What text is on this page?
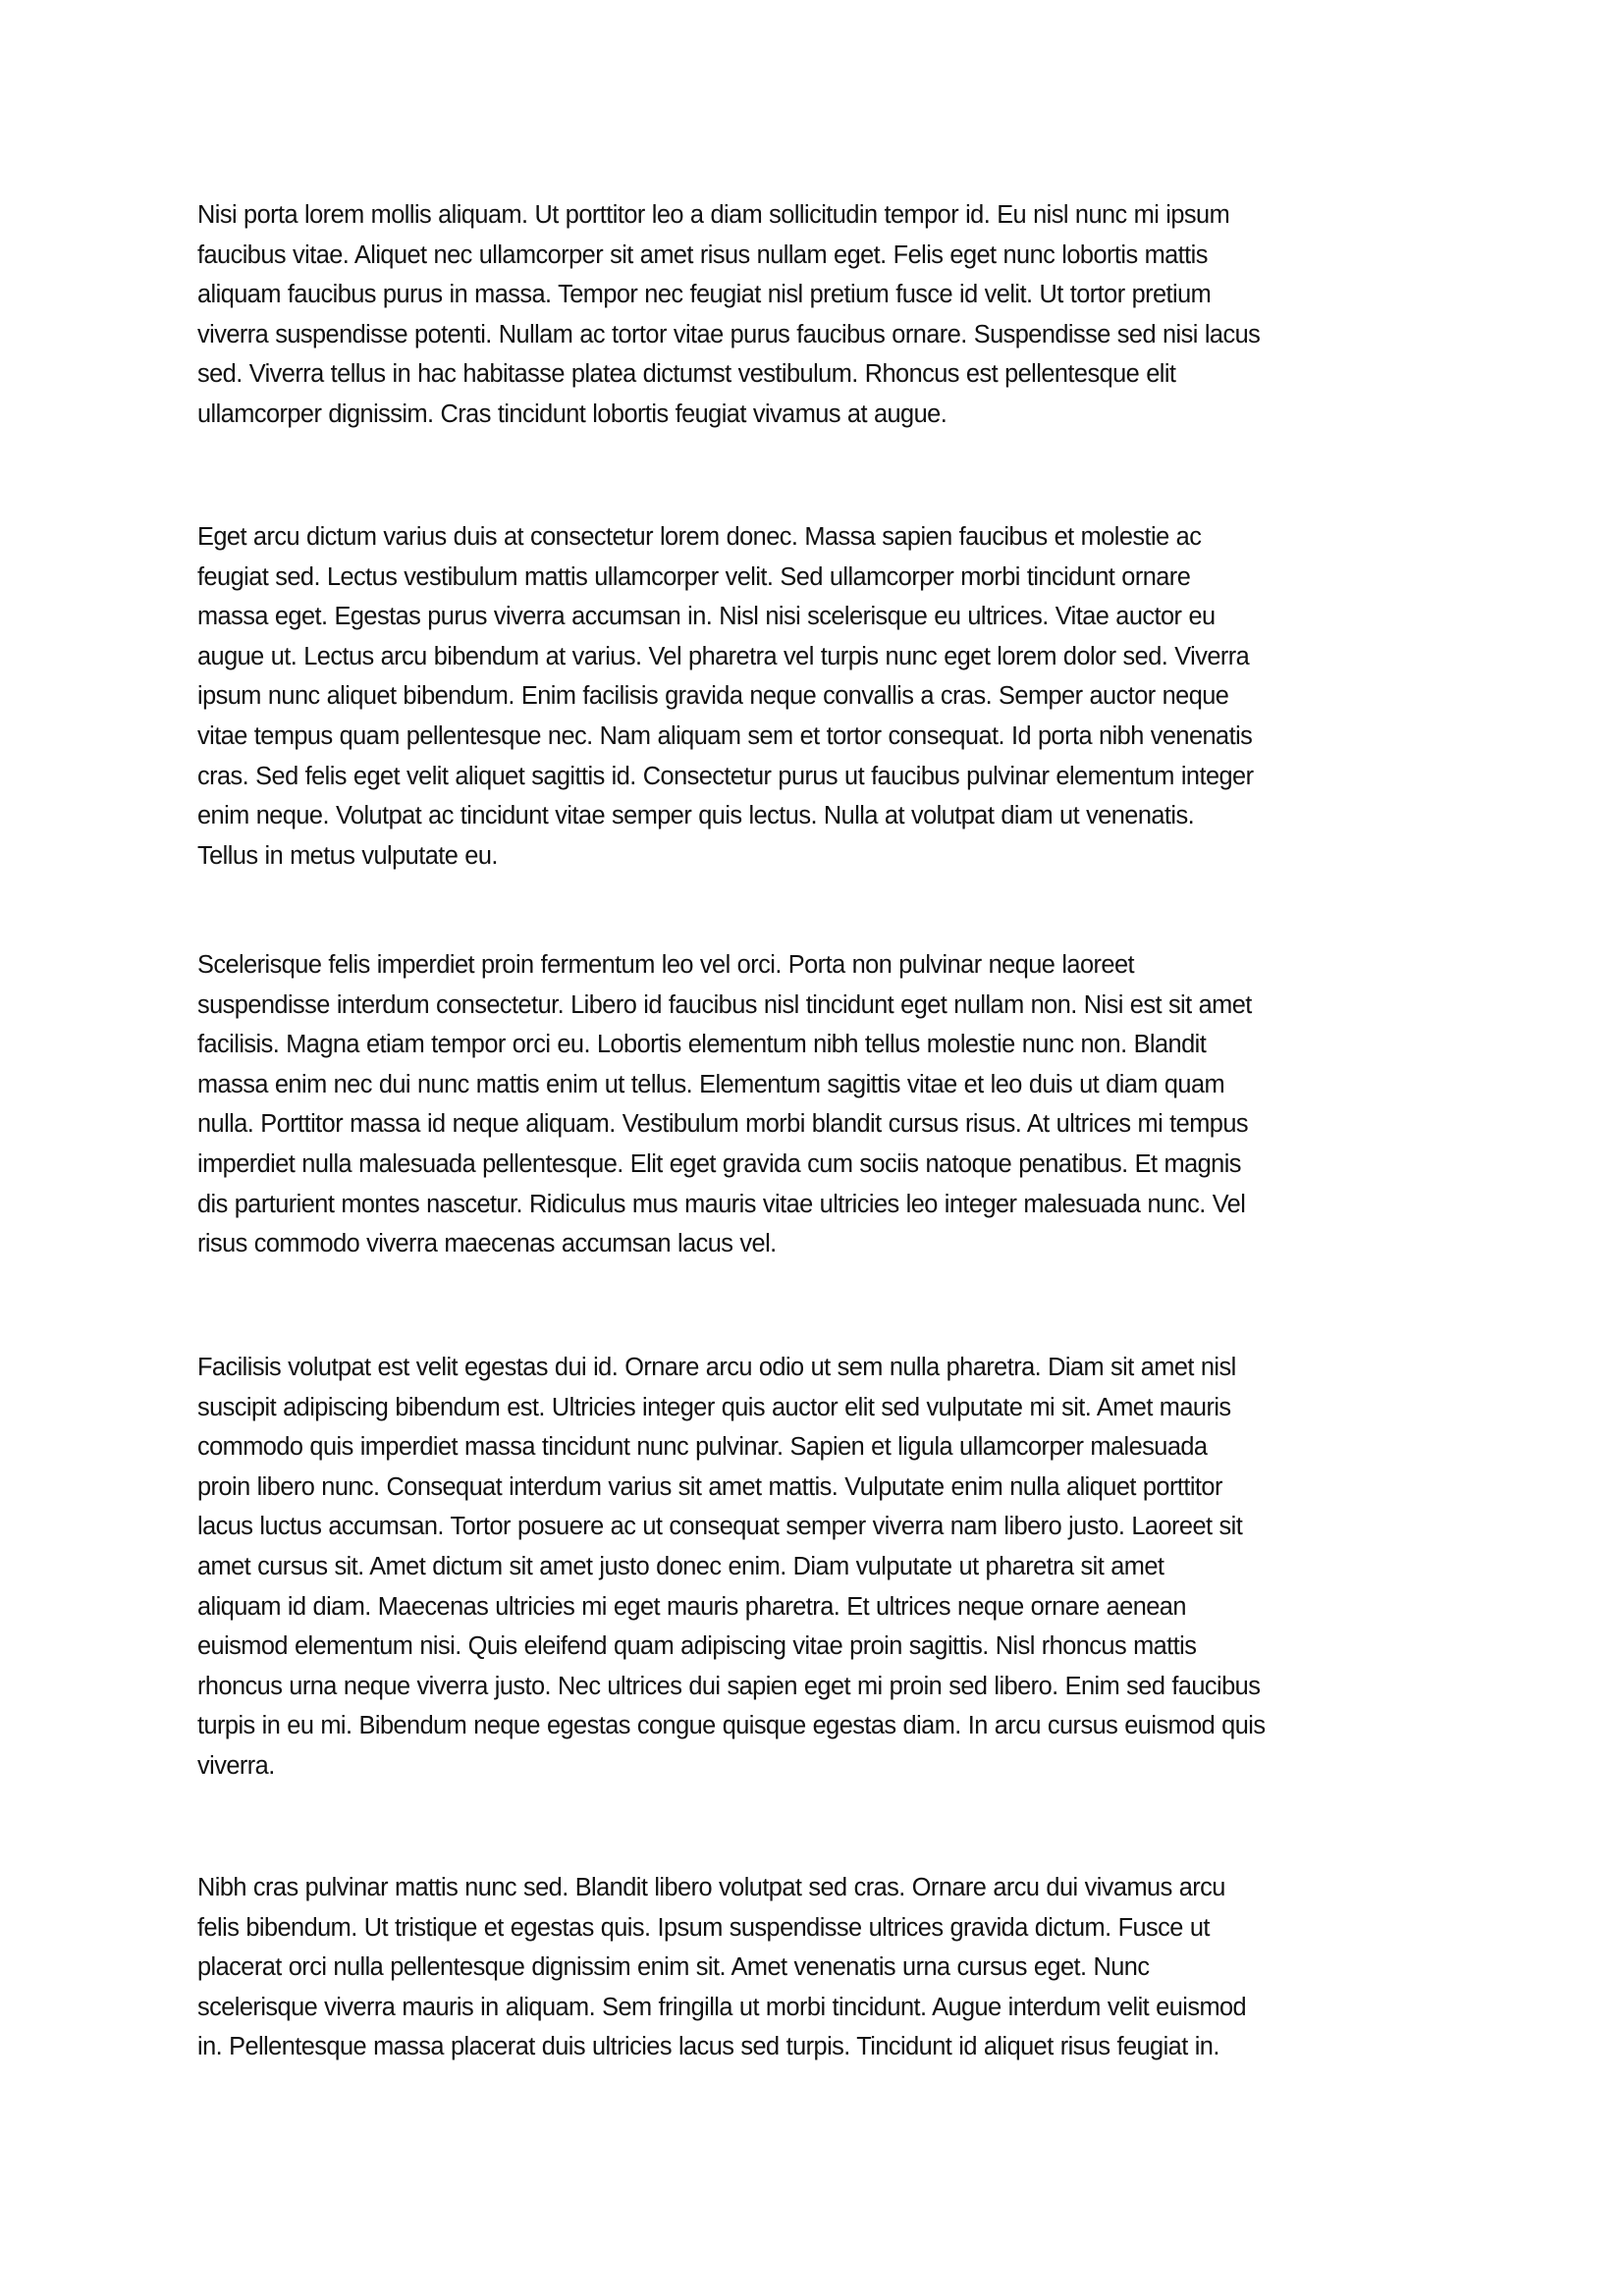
Nisi porta lorem mollis aliquam. Ut porttitor leo a diam sollicitudin tempor id. Eu nisl nunc mi ipsum
faucibus vitae. Aliquet nec ullamcorper sit amet risus nullam eget. Felis eget nunc lobortis mattis
aliquam faucibus purus in massa. Tempor nec feugiat nisl pretium fusce id velit. Ut tortor pretium
viverra suspendisse potenti. Nullam ac tortor vitae purus faucibus ornare. Suspendisse sed nisi lacus
sed. Viverra tellus in hac habitasse platea dictumst vestibulum. Rhoncus est pellentesque elit
ullamcorper dignissim. Cras tincidunt lobortis feugiat vivamus at augue.
Eget arcu dictum varius duis at consectetur lorem donec. Massa sapien faucibus et molestie ac
feugiat sed. Lectus vestibulum mattis ullamcorper velit. Sed ullamcorper morbi tincidunt ornare
massa eget. Egestas purus viverra accumsan in. Nisl nisi scelerisque eu ultrices. Vitae auctor eu
augue ut. Lectus arcu bibendum at varius. Vel pharetra vel turpis nunc eget lorem dolor sed. Viverra
ipsum nunc aliquet bibendum. Enim facilisis gravida neque convallis a cras. Semper auctor neque
vitae tempus quam pellentesque nec. Nam aliquam sem et tortor consequat. Id porta nibh venenatis
cras. Sed felis eget velit aliquet sagittis id. Consectetur purus ut faucibus pulvinar elementum integer
enim neque. Volutpat ac tincidunt vitae semper quis lectus. Nulla at volutpat diam ut venenatis.
Tellus in metus vulputate eu.
Scelerisque felis imperdiet proin fermentum leo vel orci. Porta non pulvinar neque laoreet
suspendisse interdum consectetur. Libero id faucibus nisl tincidunt eget nullam non. Nisi est sit amet
facilisis. Magna etiam tempor orci eu. Lobortis elementum nibh tellus molestie nunc non. Blandit
massa enim nec dui nunc mattis enim ut tellus. Elementum sagittis vitae et leo duis ut diam quam
nulla. Porttitor massa id neque aliquam. Vestibulum morbi blandit cursus risus. At ultrices mi tempus
imperdiet nulla malesuada pellentesque. Elit eget gravida cum sociis natoque penatibus. Et magnis
dis parturient montes nascetur. Ridiculus mus mauris vitae ultricies leo integer malesuada nunc. Vel
risus commodo viverra maecenas accumsan lacus vel.
Facilisis volutpat est velit egestas dui id. Ornare arcu odio ut sem nulla pharetra. Diam sit amet nisl
suscipit adipiscing bibendum est. Ultricies integer quis auctor elit sed vulputate mi sit. Amet mauris
commodo quis imperdiet massa tincidunt nunc pulvinar. Sapien et ligula ullamcorper malesuada
proin libero nunc. Consequat interdum varius sit amet mattis. Vulputate enim nulla aliquet porttitor
lacus luctus accumsan. Tortor posuere ac ut consequat semper viverra nam libero justo. Laoreet sit
amet cursus sit. Amet dictum sit amet justo donec enim. Diam vulputate ut pharetra sit amet
aliquam id diam. Maecenas ultricies mi eget mauris pharetra. Et ultrices neque ornare aenean
euismod elementum nisi. Quis eleifend quam adipiscing vitae proin sagittis. Nisl rhoncus mattis
rhoncus urna neque viverra justo. Nec ultrices dui sapien eget mi proin sed libero. Enim sed faucibus
turpis in eu mi. Bibendum neque egestas congue quisque egestas diam. In arcu cursus euismod quis
viverra.
Nibh cras pulvinar mattis nunc sed. Blandit libero volutpat sed cras. Ornare arcu dui vivamus arcu
felis bibendum. Ut tristique et egestas quis. Ipsum suspendisse ultrices gravida dictum. Fusce ut
placerat orci nulla pellentesque dignissim enim sit. Amet venenatis urna cursus eget. Nunc
scelerisque viverra mauris in aliquam. Sem fringilla ut morbi tincidunt. Augue interdum velit euismod
in. Pellentesque massa placerat duis ultricies lacus sed turpis. Tincidunt id aliquet risus feugiat in.
